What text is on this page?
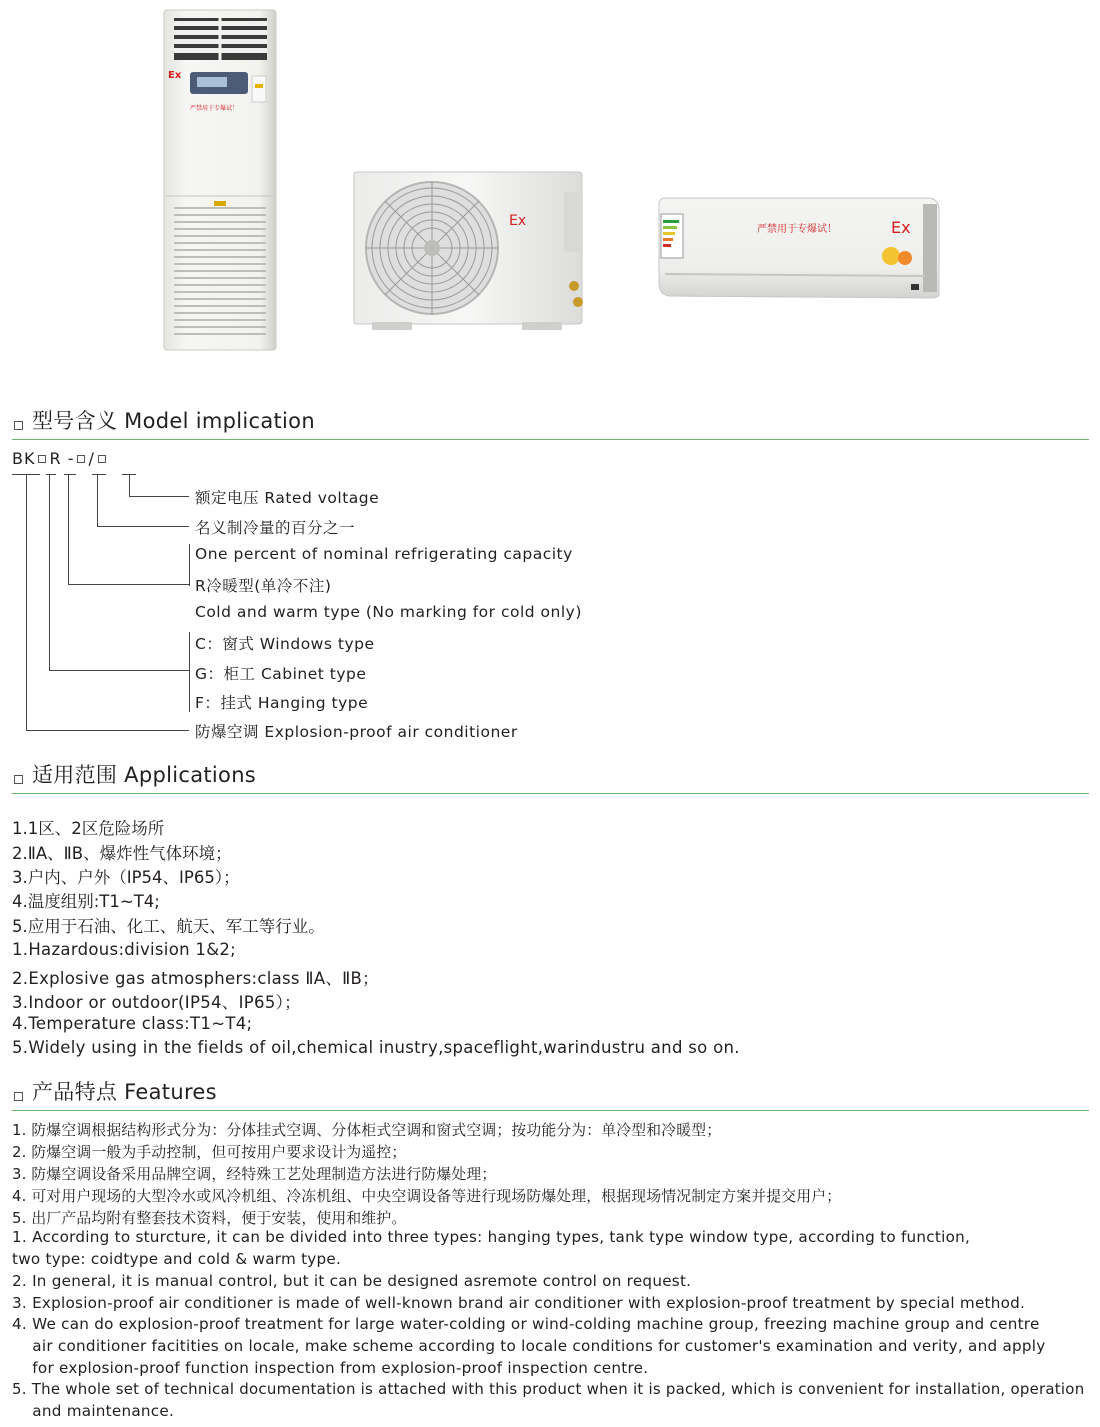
Ex
严禁用于专爆试！
Ex	Ex
严禁用于专爆试！
型号含义 Model implication
BK R - /
额定电压 Rated voltage
名义制冷量的百分之一
One percent of nominal refrigerating capacity
R冷暖型(单冷不注)
Cold and warm type (No marking for cold only)
C：窗式 Windows type
G：柜工 Cabinet type
F：挂式 Hanging type
防爆空调 Explosion-proof air conditioner
适用范围 Applications
1.1区、2区危险场所
2.ⅡA、ⅡB、爆炸性气体环境；
3.户内、户外（IP54、IP65）；
4.温度组别:T1~T4;
5.应用于石油、化工、航天、军工等行业。
1.Hazardous:division 1&2;
2.Explosive gas atmosphers:class ⅡA、ⅡB；
3.Indoor or outdoor(IP54、IP65）；
4.Temperature class:T1~T4;
5.Widely using in the fields of oil,chemical inustry,spaceflight,warindustru and so on.
产品特点 Features
1. 防爆空调根据结构形式分为：分体挂式空调、分体柜式空调和窗式空调；按功能分为：单冷型和冷暖型；
2. 防爆空调一般为手动控制，但可按用户要求设计为遥控；
3. 防爆空调设备采用品牌空调，经特殊工艺处理制造方法进行防爆处理；
4. 可对用户现场的大型冷水或风冷机组、冷冻机组、中央空调设备等进行现场防爆处理，根据现场情况制定方案并提交用户；
5. 出厂产品均附有整套技术资料，便于安装，使用和维护。
1. According to sturcture, it can be divided into three types: hanging types, tank type window type, according to function,
two type: coidtype and cold & warm type.
2. In general, it is manual control, but it can be designed asremote control on request.
3. Explosion-proof air conditioner is made of well-known brand air conditioner with explosion-proof treatment by special method.
4. We can do explosion-proof treatment for large water-colding or wind-colding machine group, freezing machine group and centre
air conditioner facitities on locale, make scheme according to locale conditions for customer's examination and verity, and apply
for explosion-proof function inspection from explosion-proof inspection centre.
5. The whole set of technical documentation is attached with this product when it is packed, which is convenient for installation, operation
and maintenance.
